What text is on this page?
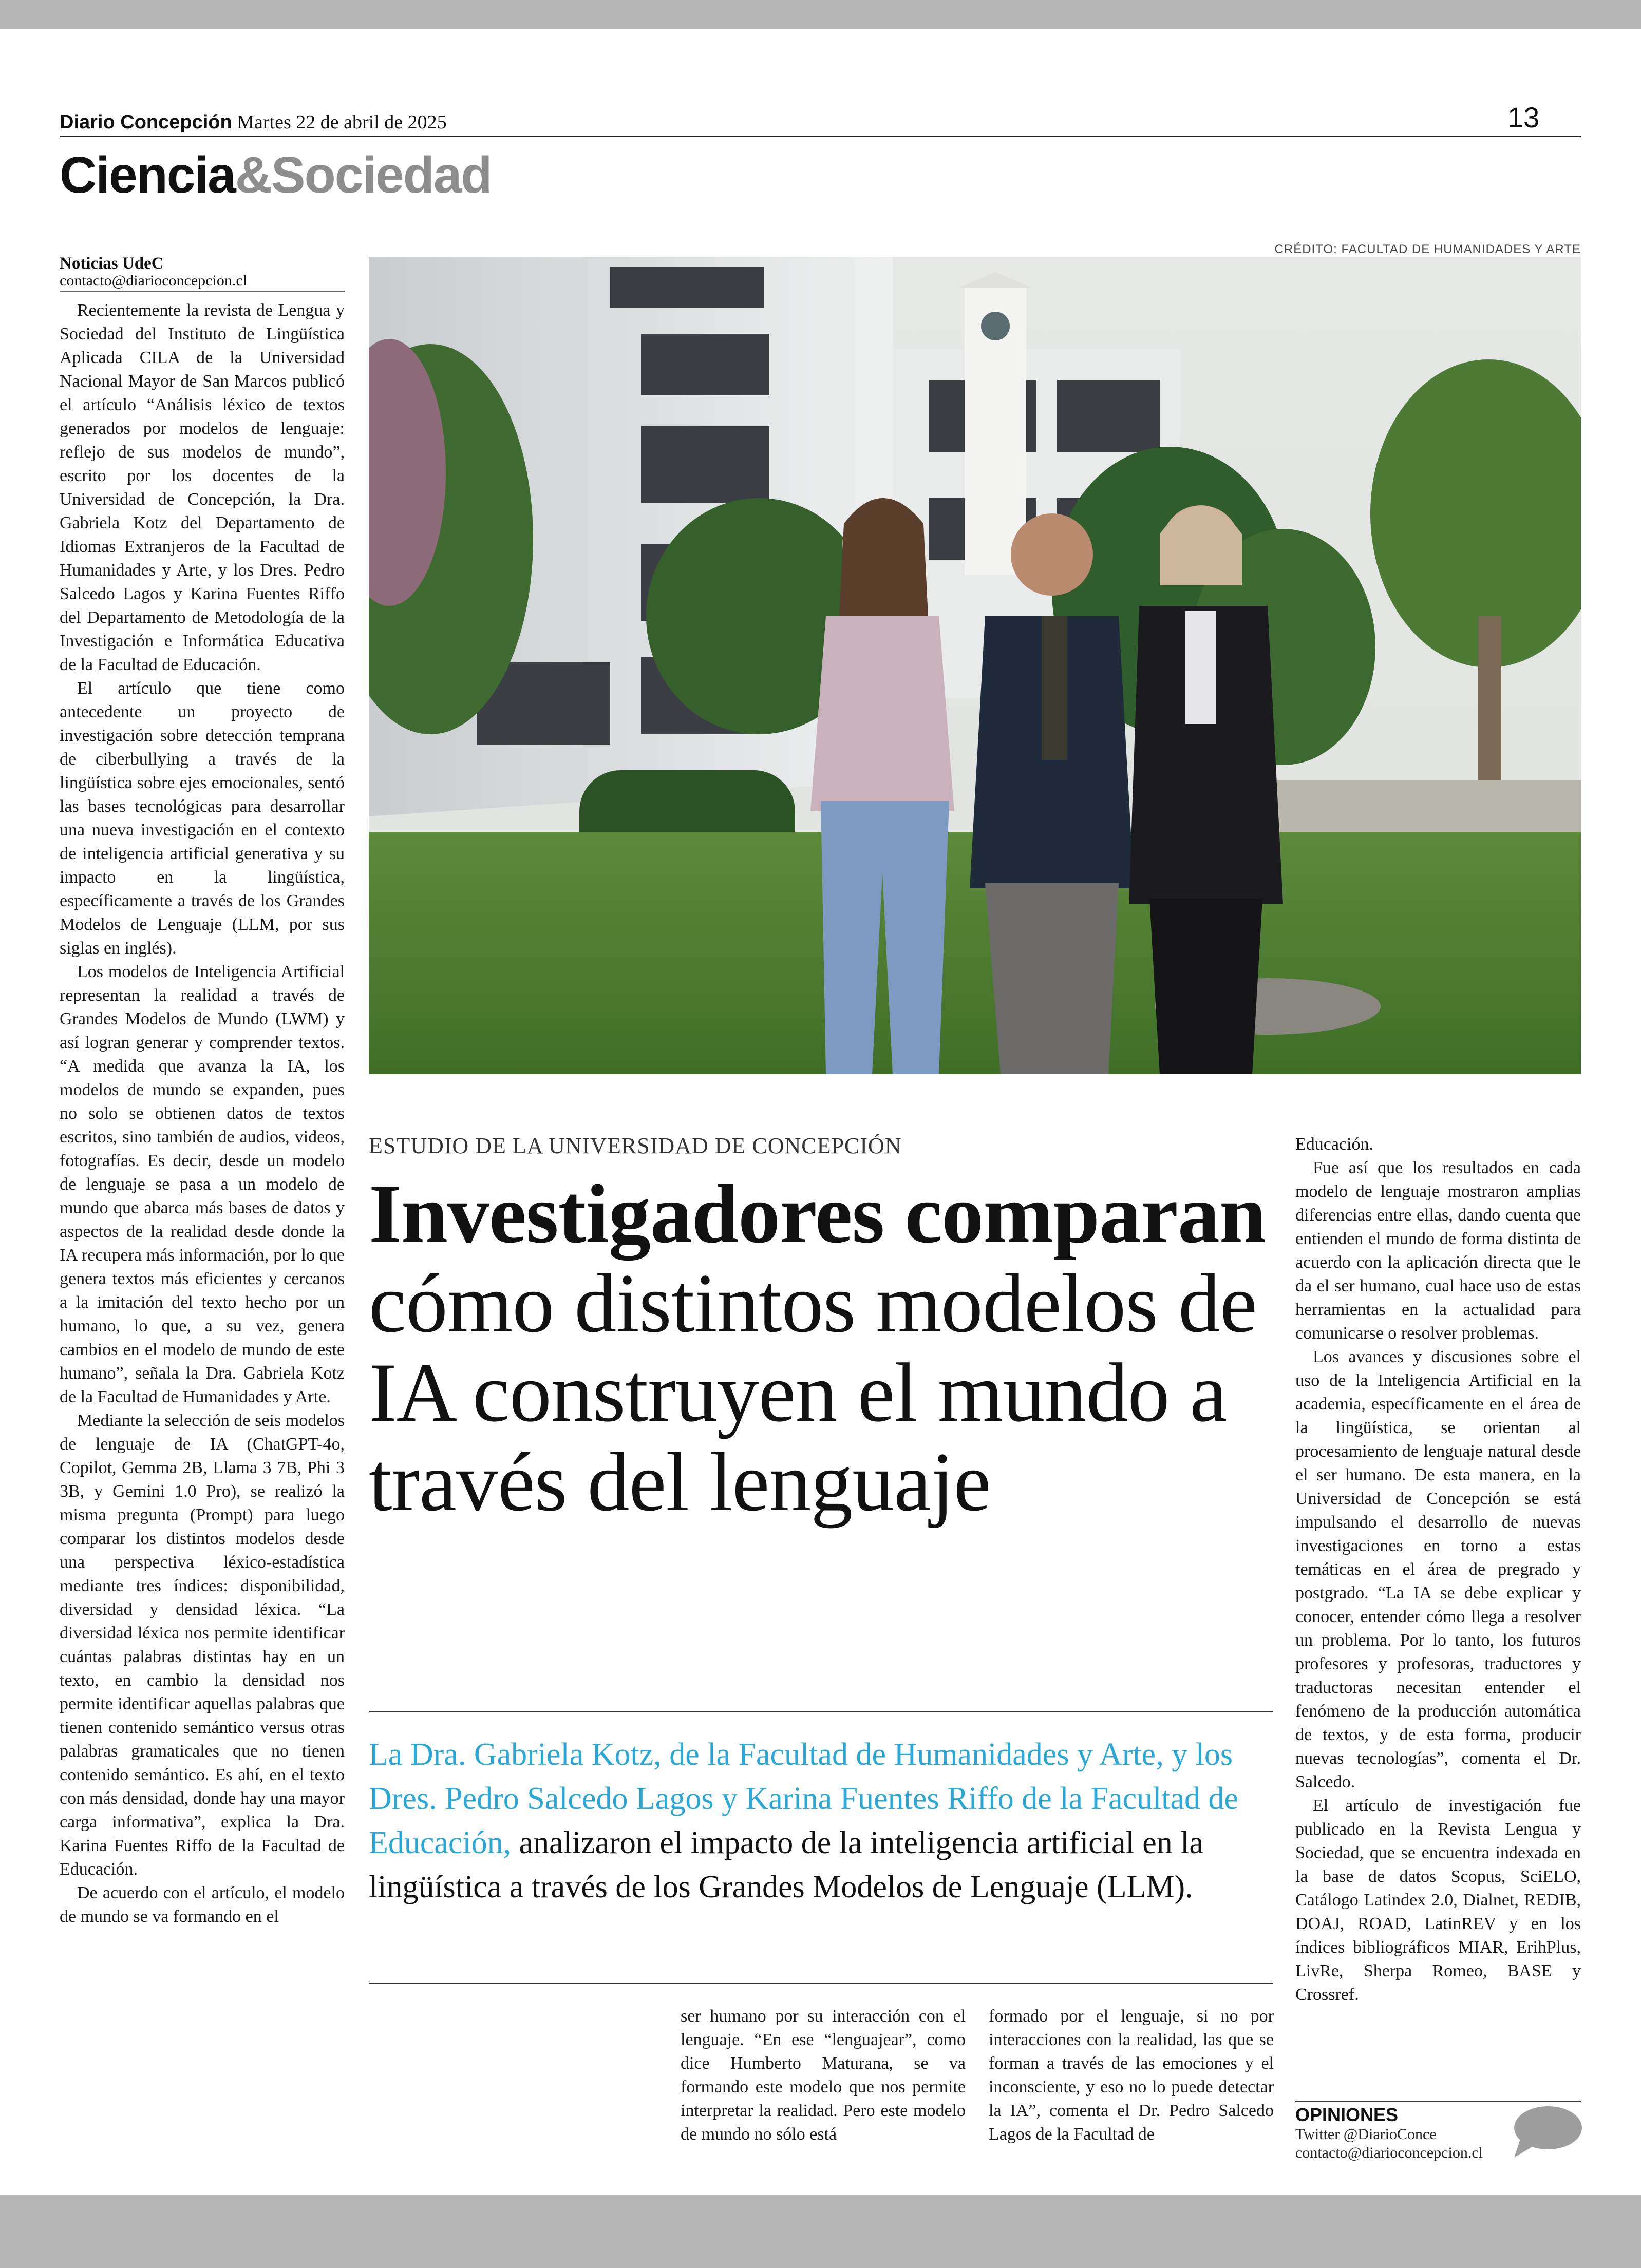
Diario Concepción Martes 22 de abril de 2025	13
Ciencia&Sociedad
Noticias UdeC
contacto@diarioconcepcion.cl

Recientemente la revista de Lengua y Sociedad del Instituto de Lingüística Aplicada CILA de la Universidad Nacional Mayor de San Marcos publicó el artículo “Análisis léxico de textos generados por modelos de lenguaje: reflejo de sus modelos de mundo”, escrito por los docentes de la Universidad de Concepción, la Dra. Gabriela Kotz del Departamento de Idiomas Extranjeros de la Facultad de Humanidades y Arte, y los Dres. Pedro Salcedo Lagos y Karina Fuentes Riffo del Departamento de Metodología de la Investigación e Informática Educativa de la Facultad de Educación.

El artículo que tiene como antecedente un proyecto de investigación sobre detección temprana de ciberbullying a través de la lingüística sobre ejes emocionales, sentó las bases tecnológicas para desarrollar una nueva investigación en el contexto de inteligencia artificial generativa y su impacto en la lingüística, específicamente a través de los Grandes Modelos de Lenguaje (LLM, por sus siglas en inglés).

Los modelos de Inteligencia Artificial representan la realidad a través de Grandes Modelos de Mundo (LWM) y así logran generar y comprender textos. “A medida que avanza la IA, los modelos de mundo se expanden, pues no solo se obtienen datos de textos escritos, sino también de audios, videos, fotografías. Es decir, desde un modelo de lenguaje se pasa a un modelo de mundo que abarca más bases de datos y aspectos de la realidad desde donde la IA recupera más información, por lo que genera textos más eficientes y cercanos a la imitación del texto hecho por un humano, lo que, a su vez, genera cambios en el modelo de mundo de este humano”, señala la Dra. Gabriela Kotz de la Facultad de Humanidades y Arte.

Mediante la selección de seis modelos de lenguaje de IA (ChatGPT-4o, Copilot, Gemma 2B, Llama 3 7B, Phi 3 3B, y Gemini 1.0 Pro), se realizó la misma pregunta (Prompt) para luego comparar los distintos modelos desde una perspectiva léxico-estadística mediante tres índices: disponibilidad, diversidad y densidad léxica. “La diversidad léxica nos permite identificar cuántas palabras distintas hay en un texto, en cambio la densidad nos permite identificar aquellas palabras que tienen contenido semántico versus otras palabras gramaticales que no tienen contenido semántico. Es ahí, en el texto con más densidad, donde hay una mayor carga informativa”, explica la Dra. Karina Fuentes Riffo de la Facultad de Educación.

De acuerdo con el artículo, el modelo de mundo se va formando en el

CRÉDITO: FACULTAD DE HUMANIDADES Y ARTE
ESTUDIO DE LA UNIVERSIDAD DE CONCEPCIÓN
Investigadores comparan cómo distintos modelos de IA construyen el mundo a través del lenguaje
La Dra. Gabriela Kotz, de la Facultad de Humanidades y Arte, y los Dres. Pedro Salcedo Lagos y Karina Fuentes Riffo de la Facultad de Educación, analizaron el impacto de la inteligencia artificial en la lingüística a través de los Grandes Modelos de Lenguaje (LLM).

ser humano por su interacción con el lenguaje. “En ese “lenguajear”, como dice Humberto Maturana, se va formando este modelo que nos permite interpretar la realidad. Pero este modelo de mundo no sólo está

formado por el lenguaje, si no por interacciones con la realidad, las que se forman a través de las emociones y el inconsciente, y eso no lo puede detectar la IA”, comenta el Dr. Pedro Salcedo Lagos de la Facultad de

Educación.

Fue así que los resultados en cada modelo de lenguaje mostraron amplias diferencias entre ellas, dando cuenta que entienden el mundo de forma distinta de acuerdo con la aplicación directa que le da el ser humano, cual hace uso de estas herramientas en la actualidad para comunicarse o resolver problemas.

Los avances y discusiones sobre el uso de la Inteligencia Artificial en la academia, específicamente en el área de la lingüística, se orientan al procesamiento de lenguaje natural desde el ser humano. De esta manera, en la Universidad de Concepción se está impulsando el desarrollo de nuevas investigaciones en torno a estas temáticas en el área de pregrado y postgrado. “La IA se debe explicar y conocer, entender cómo llega a resolver un problema. Por lo tanto, los futuros profesores y profesoras, traductores y traductoras necesitan entender el fenómeno de la producción automática de textos, y de esta forma, producir nuevas tecnologías”, comenta el Dr. Salcedo.

El artículo de investigación fue publicado en la Revista Lengua y Sociedad, que se encuentra indexada en la base de datos Scopus, SciELO, Catálogo Latindex 2.0, Dialnet, REDIB, DOAJ, ROAD, LatinREV y en los índices bibliográficos MIAR, ErihPlus, LivRe, Sherpa Romeo, BASE y Crossref.

OPINIONES
Twitter @DiarioConce
contacto@diarioconcepcion.cl
